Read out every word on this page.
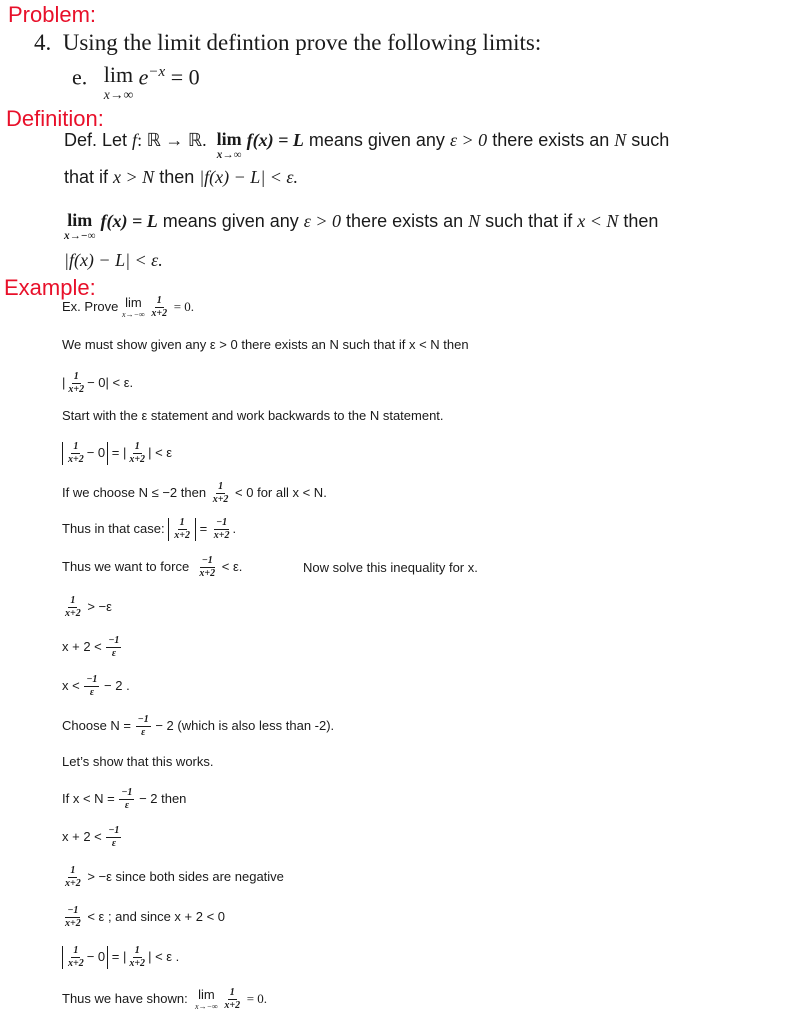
Problem:
4. Using the limit defintion prove the following limits:
e. lim
x→∞
$e^{-x} = 0$
Definition:
Def. Let f: ℝ → ℝ. lim
x→∞
f(x) = L means given any ε > 0 there exists an N such
that if x > N then |f(x) − L| < ε.
lim
x→−∞
f(x) = L means given any ε > 0 there exists an N such that if x < N then
|f(x) − L| < ε.
Example:
Ex. Prove lim
x→−∞
$\frac{1}{x+2} = 0$.
We must show given any ε > 0 there exists an N such that if x < N then
| $\frac{1}{x+2} - 0| < \varepsilon$.
Start with the ε statement and work backwards to the N statement.
$\frac{1}{x+2} - 0$ = | $\frac{1}{x+2}$ | < ε
If we choose N ≤ −2 then $\frac{1}{x+2} < 0$ for all x < N.
Thus in that case: $\frac{1}{x+2} = \frac{-1}{x+2}$ .
Thus we want to force $\frac{-1}{x+2} < \varepsilon$.	Now solve this inequality for x.
$\frac{1}{x+2} > -\varepsilon$
$x + 2 < \frac{-1}{\varepsilon}$
$x < \frac{-1}{\varepsilon} - 2$ .
Choose $N = \frac{-1}{\varepsilon} - 2$ (which is also less than -2).
Let’s show that this works.
If $x < N = \frac{-1}{\varepsilon} - 2$ then
$x + 2 < \frac{-1}{\varepsilon}$
$\frac{1}{x+2} > -\varepsilon$ since both sides are negative
$\frac{-1}{x+2} < \varepsilon$ ; and since x + 2 < 0
$\frac{1}{x+2} - 0$ = | $\frac{1}{x+2}$ | < ε .
Thus we have shown: lim
x→−∞
$\frac{1}{x+2} = 0$.
